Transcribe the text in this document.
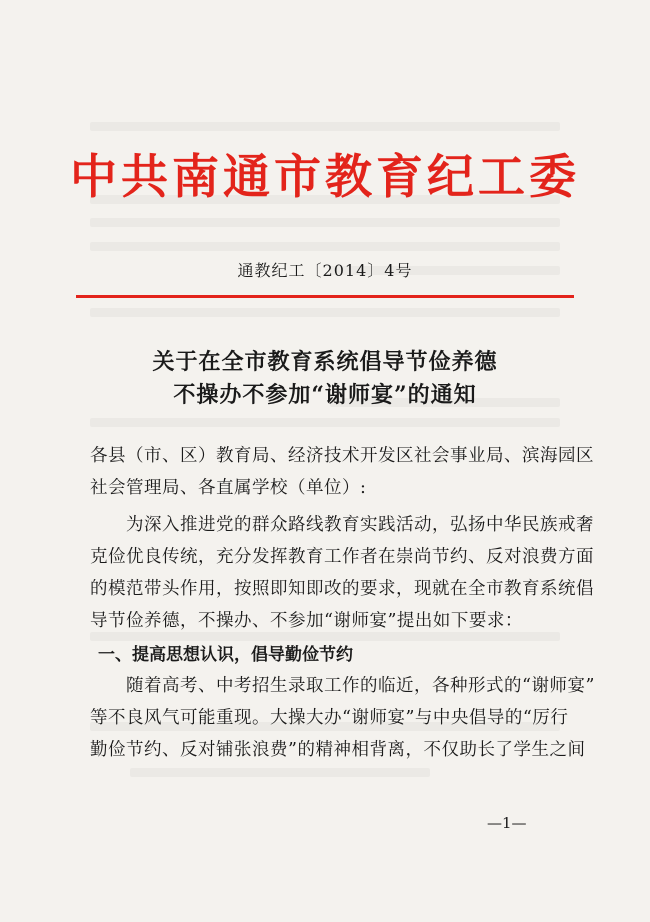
中共南通市教育纪工委
通教纪工〔2014〕4号
关于在全市教育系统倡导节俭养德
不操办不参加“谢师宴”的通知
各县（市、区）教育局、经济技术开发区社会事业局、滨海园区
社会管理局、各直属学校（单位）:
为深入推进党的群众路线教育实践活动，弘扬中华民族戒奢
克俭优良传统，充分发挥教育工作者在崇尚节约、反对浪费方面
的模范带头作用，按照即知即改的要求，现就在全市教育系统倡
导节俭养德，不操办、不参加“谢师宴”提出如下要求：
一、提高思想认识，倡导勤俭节约
随着高考、中考招生录取工作的临近，各种形式的“谢师宴”
等不良风气可能重现。大操大办“谢师宴”与中央倡导的“厉行
勤俭节约、反对铺张浪费”的精神相背离，不仅助长了学生之间
—1—
